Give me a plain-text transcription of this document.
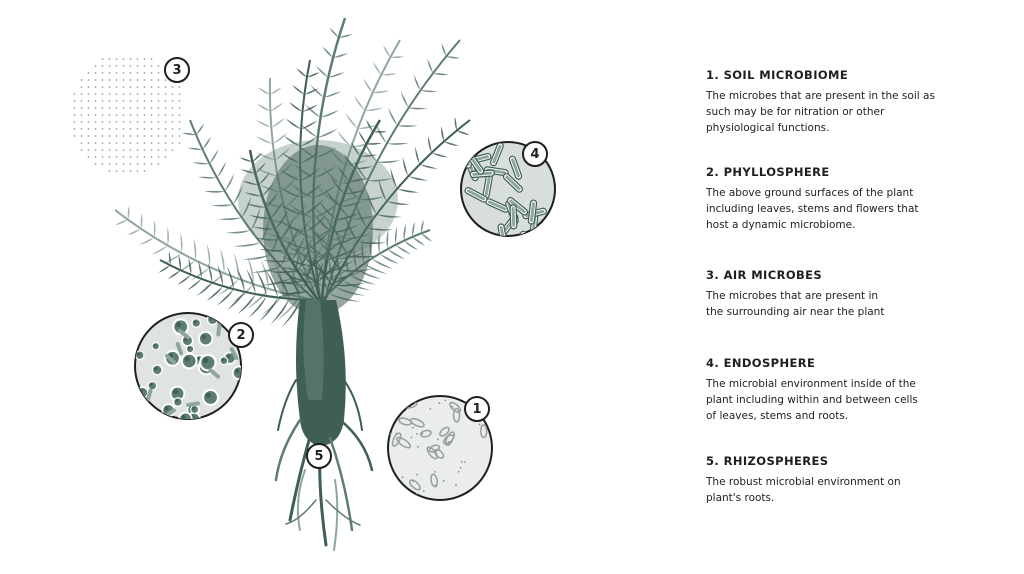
1
2
3
4
5

1. SOIL MICROBIOME

The microbes that are present in the soil as
such may be for nitration or other
physiological functions.

2. PHYLLOSPHERE

The above ground surfaces of the plant
including leaves, stems and flowers that
host a dynamic microbiome.

3. AIR MICROBES

The microbes that are present in
the surrounding air near the plant

4. ENDOSPHERE

The microbial environment inside of the
plant including within and between cells
of leaves, stems and roots.

5. RHIZOSPHERES

The robust microbial environment on
plant's roots.
